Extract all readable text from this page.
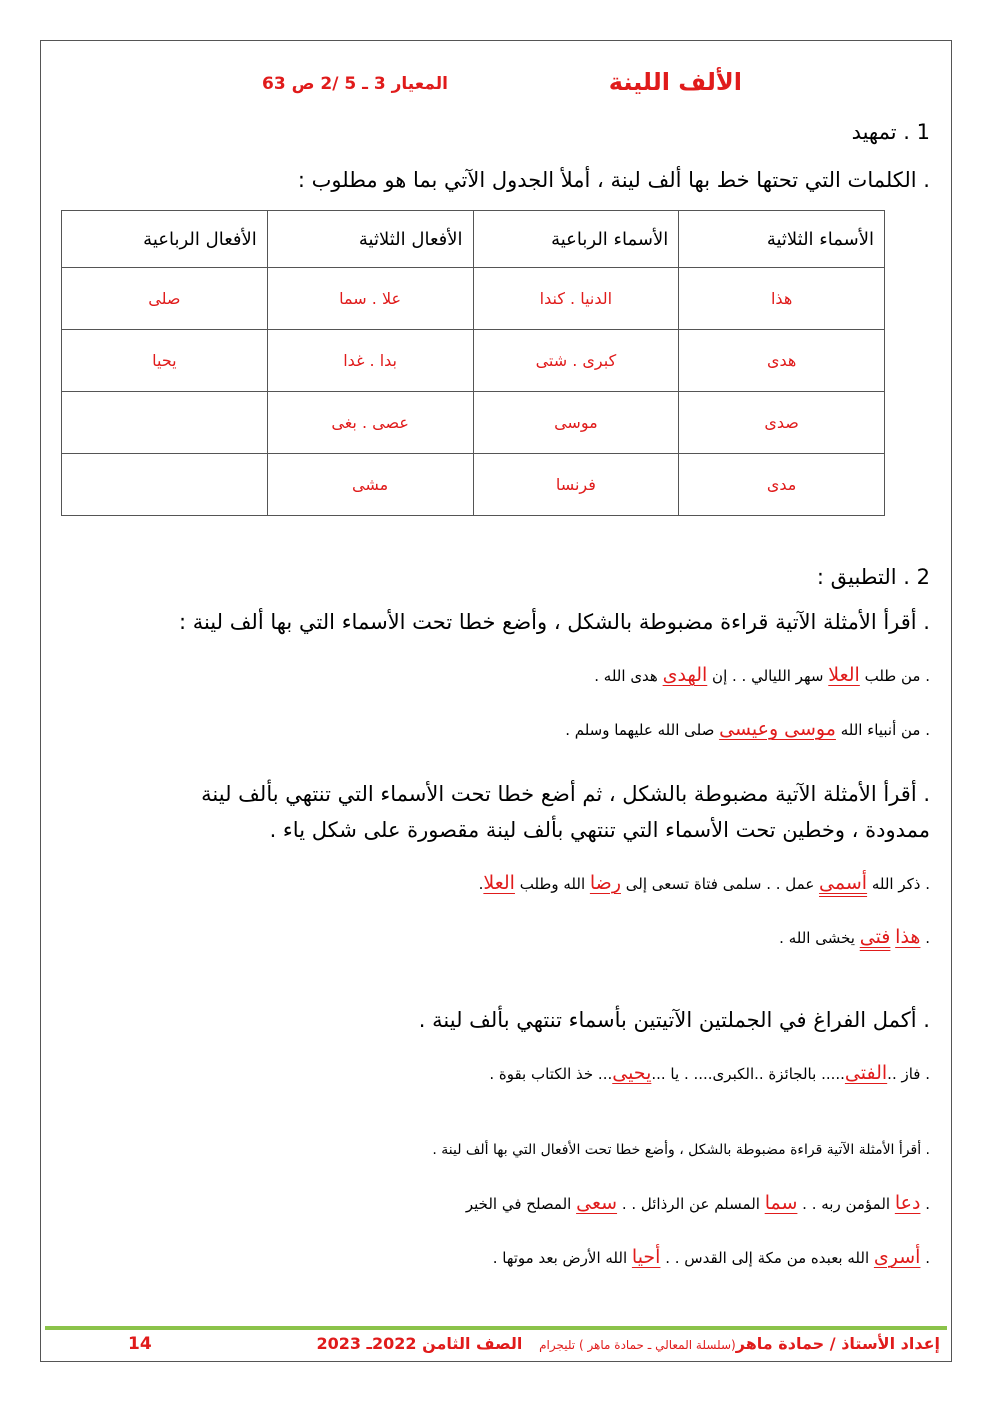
الألف اللينة
المعيار 3 ـ 5 /2 ص 63
1 . تمهيد
. الكلمات التي تحتها خط بها ألف لينة ، أملأ الجدول الآتي بما هو مطلوب :
الأسماء الثلاثية	الأسماء الرباعية	الأفعال الثلاثية	الأفعال الرباعية
هذا	الدنيا . كندا	علا . سما	صلى
هدى	كبرى . شتى	بدا . غدا	يحيا
صدى	موسى	عصى . بغى	
مدى	فرنسا	مشى	
2 . التطبيق :
. أقرأ الأمثلة الآتية قراءة مضبوطة بالشكل ، وأضع خطا تحت الأسماء التي بها ألف لينة :
. من طلب العلا سهر الليالي . . إن الهدى هدى الله .
. من أنبياء الله موسى وعيسى صلى الله عليهما وسلم .
. أقرأ الأمثلة الآتية مضبوطة بالشكل ، ثم أضع خطا تحت الأسماء التي تنتهي بألف لينة
ممدودة ، وخطين تحت الأسماء التي تنتهي بألف لينة مقصورة على شكل ياء .
. ذكر الله أسمى عمل . . سلمى فتاة تسعى إلى رضا الله وطلب العلا.
. هذا فتى يخشى الله .
. أكمل الفراغ في الجملتين الآتيتين بأسماء تنتهي بألف لينة .
. فاز ..الفتى..... بالجائزة ..الكبرى.... . يا ...يحيى... خذ الكتاب بقوة .
. أقرأ الأمثلة الآتية قراءة مضبوطة بالشكل ، وأضع خطا تحت الأفعال التي بها ألف لينة .
. دعا المؤمن ربه . . سما المسلم عن الرذائل . . سعى المصلح في الخير
. أسرى الله بعبده من مكة إلى القدس . . أحيا الله الأرض بعد موتها .
إعداد الأستاذ / حمادة ماهر(سلسلة المعالي ـ حمادة ماهر ) تليجرام   الصف الثامن 2022ـ 2023
14
